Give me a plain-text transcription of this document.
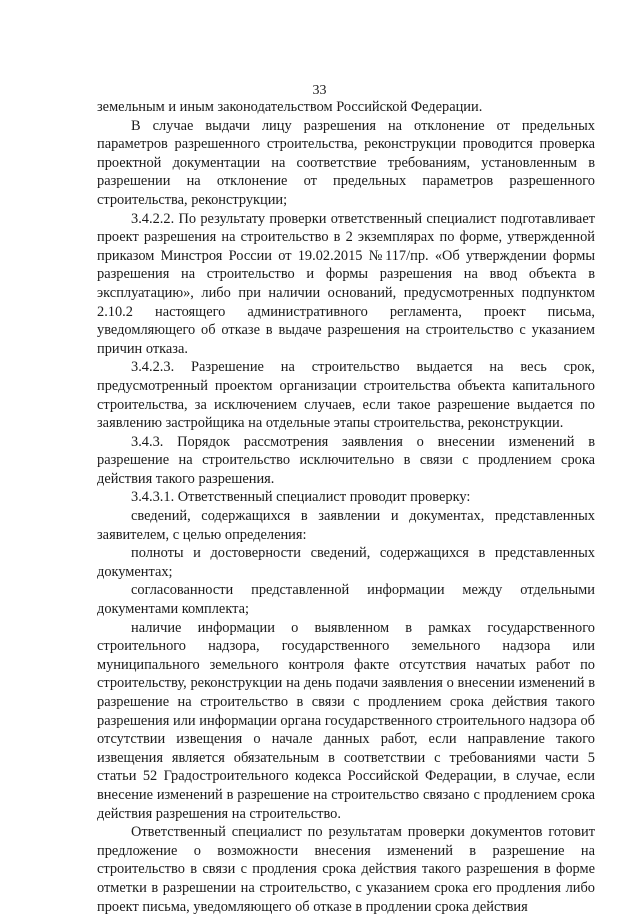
33

земельным и иным законодательством Российской Федерации.

В случае выдачи лицу разрешения на отклонение от предельных параметров разрешенного строительства, реконструкции проводится проверка проектной документации на соответствие требованиям, установленным в разрешении на отклонение от предельных параметров разрешенного строительства, реконструкции;

3.4.2.2. По результату проверки ответственный специалист подготавливает проект разрешения на строительство в 2 экземплярах по форме, утвержденной приказом Минстроя России от 19.02.2015 №117/пр. «Об утверждении формы разрешения на строительство и формы разрешения на ввод объекта в эксплуатацию», либо при наличии оснований, предусмотренных подпунктом 2.10.2 настоящего административного регламента, проект письма, уведомляющего об отказе в выдаче разрешения на строительство с указанием причин отказа.

3.4.2.3. Разрешение на строительство выдается на весь срок, предусмотренный проектом организации строительства объекта капитального строительства, за исключением случаев, если такое разрешение выдается по заявлению застройщика на отдельные этапы строительства, реконструкции.

3.4.3. Порядок рассмотрения заявления о внесении изменений в разрешение на строительство исключительно в связи с продлением срока действия такого разрешения.

3.4.3.1. Ответственный специалист проводит проверку:

сведений, содержащихся в заявлении и документах, представленных заявителем, с целью определения:

полноты и достоверности сведений, содержащихся в представленных документах;

согласованности представленной информации между отдельными документами комплекта;

наличие информации о выявленном в рамках государственного строительного надзора, государственного земельного надзора или муниципального земельного контроля факте отсутствия начатых работ по строительству, реконструкции на день подачи заявления о внесении изменений в разрешение на строительство в связи с продлением срока действия такого разрешения или информации органа государственного строительного надзора об отсутствии извещения о начале данных работ, если направление такого извещения является обязательным в соответствии с требованиями части 5 статьи 52 Градостроительного кодекса Российской Федерации, в случае, если внесение изменений в разрешение на строительство связано с продлением срока действия разрешения на строительство.

Ответственный специалист по результатам проверки документов готовит предложение о возможности внесения изменений в разрешение на строительство в связи с продления срока действия такого разрешения в форме отметки в разрешении на строительство, с указанием срока его продления либо проект письма, уведомляющего об отказе в продлении срока действия
